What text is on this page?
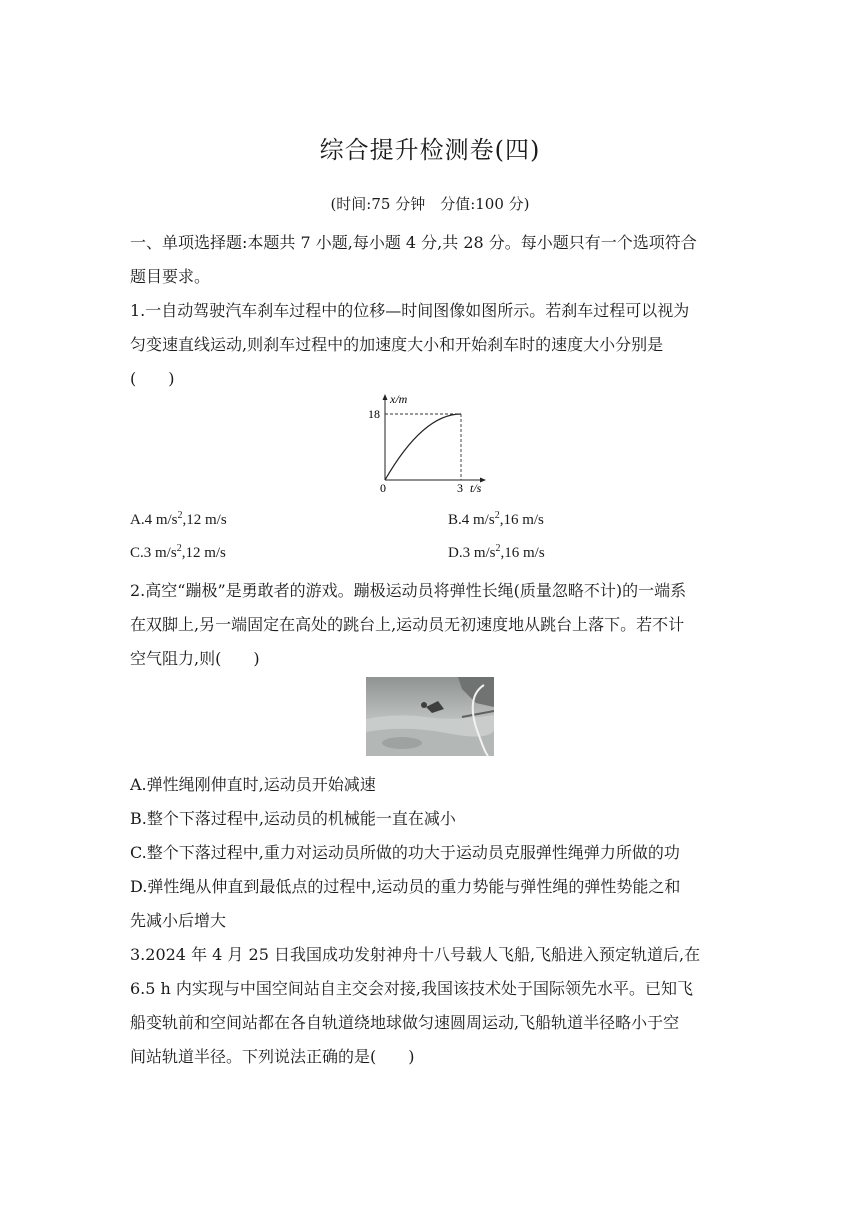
综合提升检测卷(四)
(时间:75 分钟　分值:100 分)
一、单项选择题:本题共 7 小题,每小题 4 分,共 28 分。每小题只有一个选项符合
题目要求。
1.一自动驾驶汽车刹车过程中的位移—时间图像如图所示。若刹车过程可以视为
匀变速直线运动,则刹车过程中的加速度大小和开始刹车时的速度大小分别是
(　　)
x/m
18
0	3 t/s
A.4 $m/s^2,12$ m/s	B.4 $m/s^2,16$ m/s
C.3 $m/s^2,12$ m/s	D.3 $m/s^2,16$ m/s
2.高空“蹦极”是勇敢者的游戏。蹦极运动员将弹性长绳(质量忽略不计)的一端系
在双脚上,另一端固定在高处的跳台上,运动员无初速度地从跳台上落下。若不计
空气阻力,则(　　)
A.弹性绳刚伸直时,运动员开始减速
B.整个下落过程中,运动员的机械能一直在减小
C.整个下落过程中,重力对运动员所做的功大于运动员克服弹性绳弹力所做的功
D.弹性绳从伸直到最低点的过程中,运动员的重力势能与弹性绳的弹性势能之和
先减小后增大
3.2024 年 4 月 25 日我国成功发射神舟十八号载人飞船,飞船进入预定轨道后,在
6.5 h 内实现与中国空间站自主交会对接,我国该技术处于国际领先水平。已知飞
船变轨前和空间站都在各自轨道绕地球做匀速圆周运动,飞船轨道半径略小于空
间站轨道半径。下列说法正确的是(　　)
